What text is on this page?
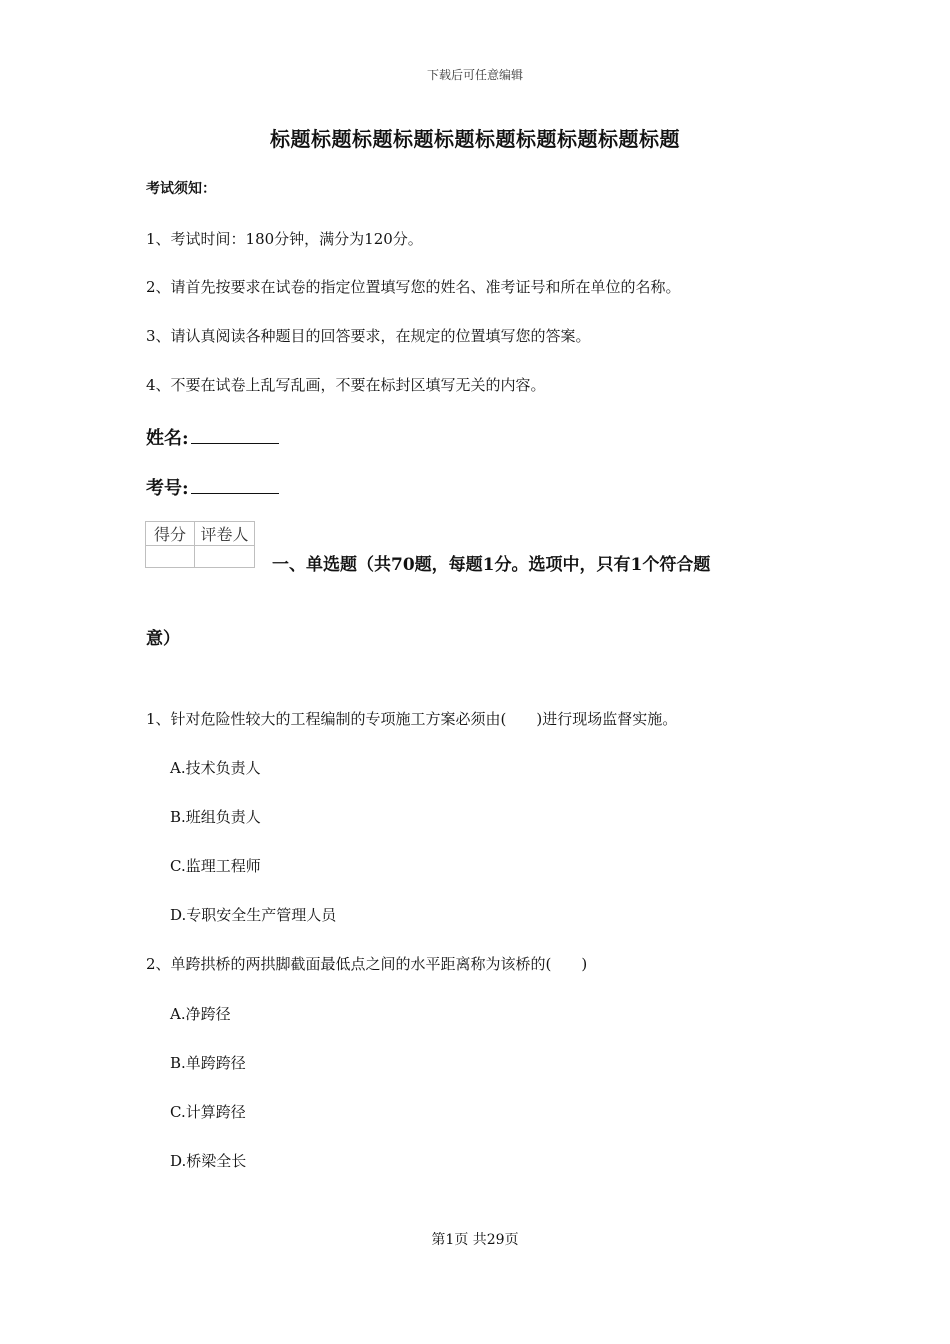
下载后可任意编辑
标题标题标题标题标题标题标题标题标题标题
考试须知：
1、考试时间：180分钟，满分为120分。
2、请首先按要求在试卷的指定位置填写您的姓名、准考证号和所在单位的名称。
3、请认真阅读各种题目的回答要求，在规定的位置填写您的答案。
4、不要在试卷上乱写乱画，不要在标封区填写无关的内容。
姓名:
考号:
得分	评卷人

一、单选题（共70题，每题1分。选项中，只有1个符合题
意）
1、针对危险性较大的工程编制的专项施工方案必须由(　　)进行现场监督实施。
A.技术负责人
B.班组负责人
C.监理工程师
D.专职安全生产管理人员
2、单跨拱桥的两拱脚截面最低点之间的水平距离称为该桥的(　　)
A.净跨径
B.单跨跨径
C.计算跨径
D.桥梁全长
第1页 共29页
